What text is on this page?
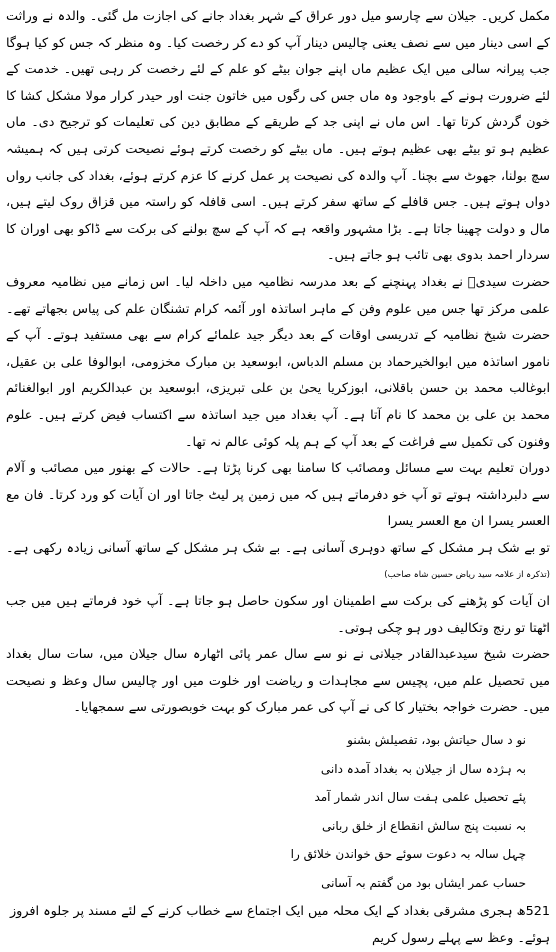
مکمل کریں۔ جیلان سے چارسو میل دور عراق کے شہر بغداد جانے کی اجازت مل گئی۔ والدہ نے وراثت کے اسی دینار میں سے نصف یعنی چالیس دینار آپ کو دے کر رخصت کیا۔ وہ منظر کہ جس کو کیا ہوگا جب پیرانہ سالی میں ایک عظیم ماں اپنے جوان بیٹے کو علم کے لئے رخصت کر رہی تھیں۔ خدمت کے لئے ضرورت ہونے کے باوجود وہ ماں جس کی رگوں میں خاتون جنت اور حیدر کرار مولا مشکل کشا کا خون گردش کرتا تھا۔ اس ماں نے اپنی جد کے طریقے کے مطابق دین کی تعلیمات کو ترجیح دی۔ ماں عظیم ہو تو بیٹے بھی عظیم ہوتے ہیں۔ ماں بیٹے کو رخصت کرتے ہوئے نصیحت کرتی ہیں کہ ہمیشہ سچ بولنا، جھوٹ سے بچنا۔ آپ والدہ کی نصیحت پر عمل کرنے کا عزم کرتے ہوئے، بغداد کی جانب رواں دواں ہوتے ہیں۔ جس قافلے کے ساتھ سفر کرتے ہیں۔ اسی قافلہ کو راستہ میں قزاق روک لیتے ہیں، مال و دولت چھینا جاتا ہے۔ بڑا مشہور واقعہ ہے کہ آپ کے سچ بولنے کی برکت سے ڈاکو بھی اوران کا سردار احمد بدوی بھی تائب ہو جاتے ہیں۔

حضرت سیدیؒ نے بغداد پہنچنے کے بعد مدرسہ نظامیہ میں داخلہ لیا۔ اس زمانے میں نظامیہ معروف علمی مرکز تھا جس میں علوم وفن کے ماہر اساتذہ اور آئمہ کرام تشنگان علم کی پیاس بجھاتے تھے۔ حضرت شیخ نظامیہ کے تدریسی اوقات کے بعد دیگر جید علمائے کرام سے بھی مستفید ہوتے۔ آپ کے نامور اساتذہ میں ابوالخیرحماد بن مسلم الدباس، ابوسعید بن مبارک مخزومی، ابوالوفا علی بن عقیل، ابوغالب محمد بن حسن باقلانی، ابوزکریا یحیٰ بن علی تبریزی، ابوسعید بن عبدالکریم اور ابوالغنائم محمد بن علی بن محمد کا نام آتا ہے۔ آپ بغداد میں جید اساتذہ سے اکتساب فیض کرتے ہیں۔ علوم وفنون کی تکمیل سے فراغت کے بعد آپ کے ہم پلہ کوئی عالم نہ تھا۔

دوران تعلیم بہت سے مسائل ومصائب کا سامنا بھی کرنا پڑتا ہے۔ حالات کے بھنور میں مصائب و آلام سے دلبرداشتہ ہوتے تو آپ خو دفرماتے ہیں کہ میں زمین پر لیٹ جاتا اور ان آیات کو ورد کرتا۔ فان مع العسر یسرا ان مع العسر یسرا

تو بے شک ہر مشکل کے ساتھ دوہری آسانی ہے۔ بے شک ہر مشکل کے ساتھ آسانی زیادہ رکھی ہے۔ (تذکرہ از علامہ سید ریاض حسین شاہ صاحب)

ان آیات کو پڑھنے کی برکت سے اطمینان اور سکون حاصل ہو جاتا ہے۔ آپ خود فرماتے ہیں میں جب اٹھتا تو رنج وتکالیف دور ہو چکی ہوتی۔

حضرت شیخ سیدعبدالقادر جیلانی نے نو سے سال عمر پائی اٹھارہ سال جیلان میں، سات سال بغداد میں تحصیل علم میں، پچیس سے مجاہدات و ریاضت اور خلوت میں اور چالیس سال وعظ و نصیحت میں۔ حضرت خواجہ بختیار کا کی نے آپ کی عمر مبارک کو بہت خوبصورتی سے سمجھایا۔

نو د سال حیاتش بود، تفصیلش بشنو
بہ ہژدہ سال از جیلان بہ بغداد آمدہ دانی
پئے تحصیل علمی ہفت سال اندر شمار آمد
بہ نسبت پنج سالش انقطاع از خلق ربانی
چہل سالہ بہ دعوت سوئے حق خواندن خلائق را
حساب عمر ایشاں بود من گفتم بہ آسانی
521ھ ہجری مشرقی بغداد کے ایک محلہ میں ایک اجتماع سے خطاب کرنے کے لئے مسند پر جلوہ افروز ہوئے۔ وعظ سے پہلے رسول کریم
